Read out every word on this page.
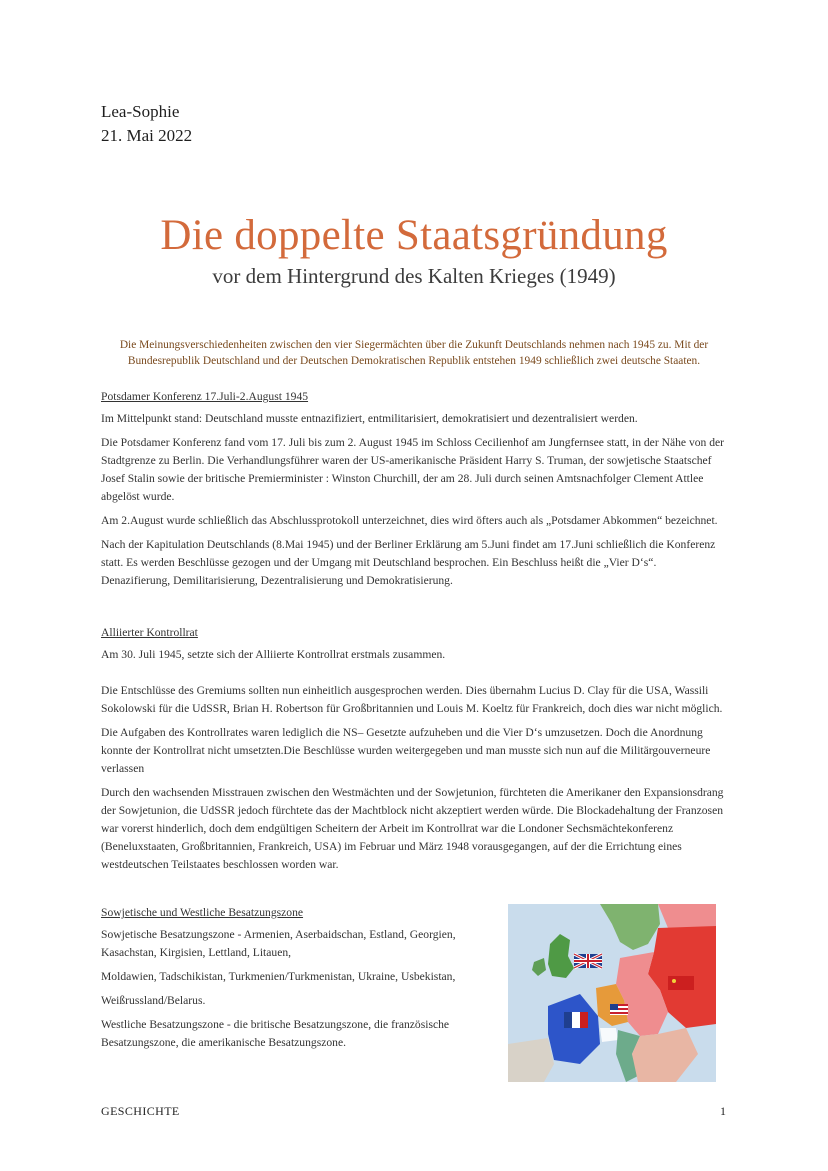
Lea-Sophie
21. Mai 2022
Die doppelte Staatsgründung
vor dem Hintergrund des Kalten Krieges (1949)
Die Meinungsverschiedenheiten zwischen den vier Siegermächten über die Zukunft Deutschlands nehmen nach 1945 zu. Mit der Bundesrepublik Deutschland und der Deutschen Demokratischen Republik entstehen 1949 schließlich zwei deutsche Staaten.

Potsdamer Konferenz 17.Juli-2.August 1945

Im Mittelpunkt stand: Deutschland musste entnazifiziert, entmilitarisiert, demokratisiert und dezentralisiert werden.

Die Potsdamer Konferenz fand vom 17. Juli bis zum 2. August 1945 im Schloss Cecilienhof am Jungfernsee statt, in der Nähe von der Stadtgrenze zu Berlin. Die Verhandlungsführer waren der US-amerikanische Präsident Harry S. Truman, der sowjetische Staatschef Josef Stalin sowie der britische Premierminister : Winston Churchill, der am 28. Juli durch seinen Amtsnachfolger Clement Attlee abgelöst wurde.

Am 2.August wurde schließlich das Abschlussprotokoll unterzeichnet, dies wird öfters auch als „Potsdamer Abkommen“ bezeichnet.

Nach der Kapitulation Deutschlands (8.Mai 1945) und der Berliner Erklärung am 5.Juni findet am 17.Juni schließlich die Konferenz statt. Es werden Beschlüsse gezogen und der Umgang mit Deutschland besprochen. Ein Beschluss heißt die „Vier D‘s“. Denazifierung, Demilitarisierung, Dezentralisierung und Demokratisierung.

Alliierter Kontrollrat

Am 30. Juli 1945, setzte sich der Alliierte Kontrollrat erstmals zusammen.

Die Entschlüsse des Gremiums sollten nun einheitlich ausgesprochen werden. Dies übernahm Lucius D. Clay für die USA, Wassili Sokolowski für die UdSSR, Brian H. Robertson für Großbritannien und Louis M. Koeltz für Frankreich, doch dies war nicht möglich.

Die Aufgaben des Kontrollrates waren lediglich die NS– Gesetzte aufzuheben und die Vier D‘s umzusetzen. Doch die Anordnung konnte der Kontrollrat nicht umsetzten.Die Beschlüsse wurden weitergegeben und man musste sich nun auf die Militärgouverneure verlassen

Durch den wachsenden Misstrauen zwischen den Westmächten und der Sowjetunion, fürchteten die Amerikaner den Expansionsdrang der Sowjetunion, die UdSSR jedoch fürchtete das der Machtblock nicht akzeptiert werden würde. Die Blockadehaltung der Franzosen war vorerst hinderlich, doch dem endgültigen Scheitern der Arbeit im Kontrollrat war die Londoner Sechsmächtekonferenz (Beneluxstaaten, Großbritannien, Frankreich, USA) im Februar und März 1948 vorausgegangen, auf der die Errichtung eines westdeutschen Teilstaates beschlossen worden war.

Sowjetische und Westliche Besatzungszone

Sowjetische Besatzungszone - Armenien, Aserbaidschan, Estland, Georgien, Kasachstan, Kirgisien, Lettland, Litauen,

Moldawien, Tadschikistan, Turkmenien/Turkmenistan, Ukraine, Usbekistan,

Weißrussland/Belarus.

Westliche Besatzungszone - die britische Besatzungszone, die französische Besatzungszone, die amerikanische Besatzungszone.

GESCHICHTE	1
